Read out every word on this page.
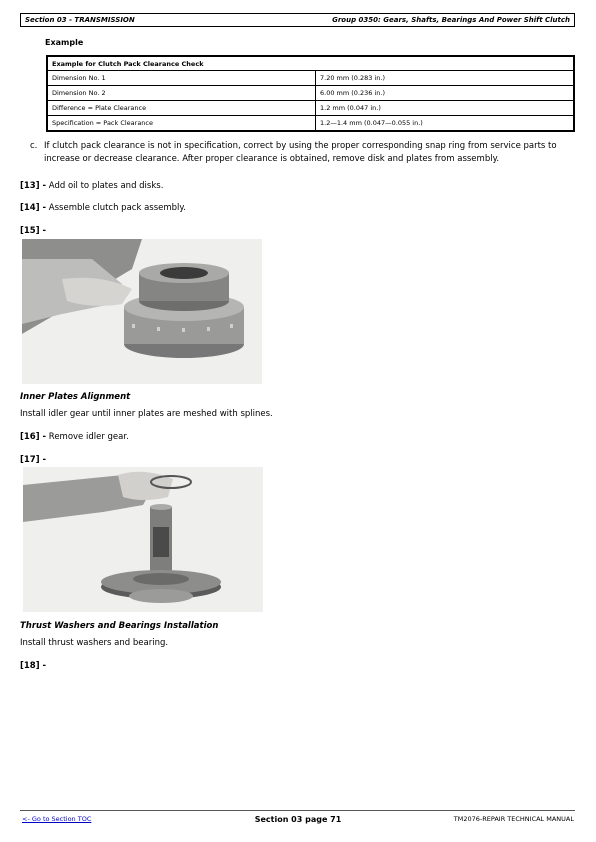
Section 03 - TRANSMISSION	Group 0350: Gears, Shafts, Bearings And Power Shift Clutch
Example
Example for Clutch Pack Clearance Check	
Dimension No. 1	7.20 mm (0.283 in.)
Dimension No. 2	6.00 mm (0.236 in.)
Difference = Plate Clearance	1.2 mm (0.047 in.)
Specification = Pack Clearance	1.2—1.4 mm (0.047—0.055 in.)
c. If clutch pack clearance is not in specification, correct by using the proper corresponding snap ring from service parts to increase or decrease clearance. After proper clearance is obtained, remove disk and plates from assembly.
[13] - Add oil to plates and disks.
[14] - Assemble clutch pack assembly.
[15] -
Inner Plates Alignment
Install idler gear until inner plates are meshed with splines.
[16] - Remove idler gear.
[17] -
Thrust Washers and Bearings Installation
Install thrust washers and bearing.
[18] -
Section 03 page 71
<- Go to Section TOC	TM2076-REPAIR TECHNICAL MANUAL
